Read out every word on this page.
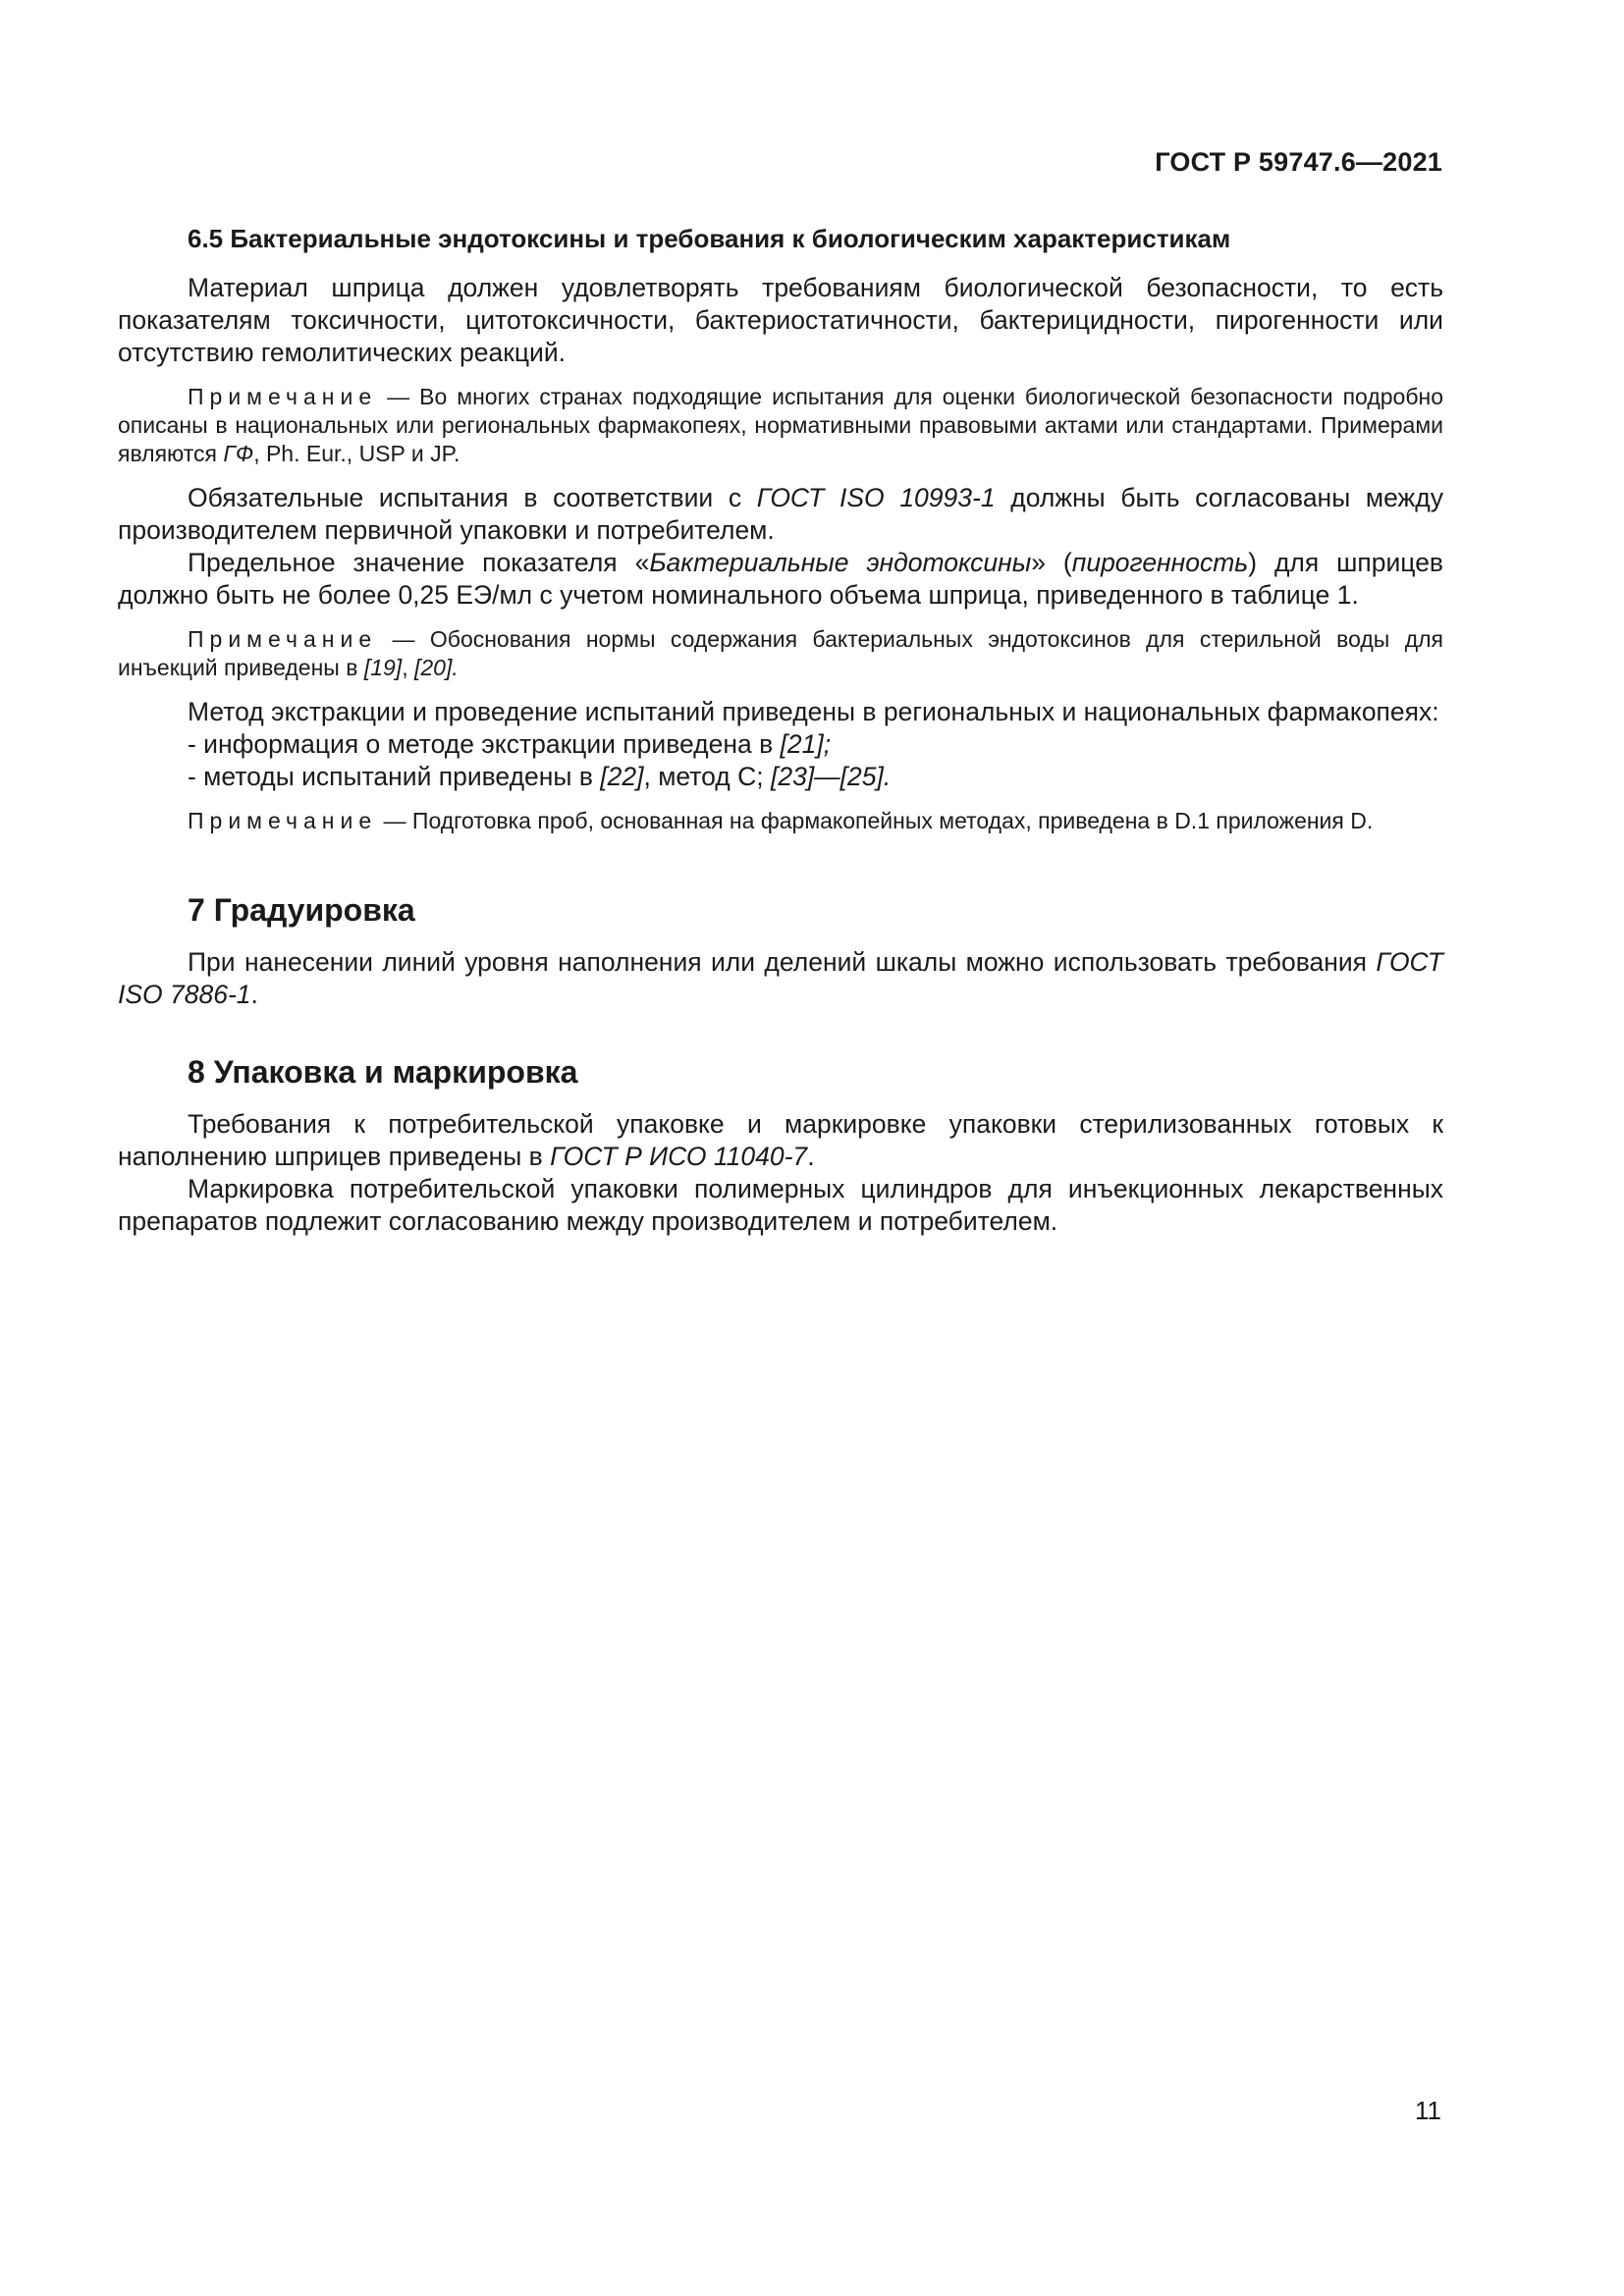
ГОСТ Р 59747.6—2021
6.5 Бактериальные эндотоксины и требования к биологическим характеристикам

Материал шприца должен удовлетворять требованиям биологической безопасности, то есть показателям токсичности, цитотоксичности, бактериостатичности, бактерицидности, пирогенности или отсутствию гемолитических реакций.

Примечание — Во многих странах подходящие испытания для оценки биологической безопасности подробно описаны в национальных или региональных фармакопеях, нормативными правовыми актами или стандартами. Примерами являются ГФ, Ph. Eur., USP и JP.

Обязательные испытания в соответствии с ГОСТ ISO 10993-1 должны быть согласованы между производителем первичной упаковки и потребителем.

Предельное значение показателя «Бактериальные эндотоксины» (пирогенность) для шприцев должно быть не более 0,25 ЕЭ/мл с учетом номинального объема шприца, приведенного в таблице 1.

Примечание — Обоснования нормы содержания бактериальных эндотоксинов для стерильной воды для инъекций приведены в [19], [20].

Метод экстракции и проведение испытаний приведены в региональных и национальных фармакопеях:

- информация о методе экстракции приведена в [21];
- методы испытаний приведены в [22], метод С; [23]—[25].

Примечание — Подготовка проб, основанная на фармакопейных методах, приведена в D.1 приложения D.

7 Градуировка

При нанесении линий уровня наполнения или делений шкалы можно использовать требования ГОСТ ISO 7886-1.

8 Упаковка и маркировка

Требования к потребительской упаковке и маркировке упаковки стерилизованных готовых к наполнению шприцев приведены в ГОСТ Р ИСО 11040-7.

Маркировка потребительской упаковки полимерных цилиндров для инъекционных лекарственных препаратов подлежит согласованию между производителем и потребителем.

11
